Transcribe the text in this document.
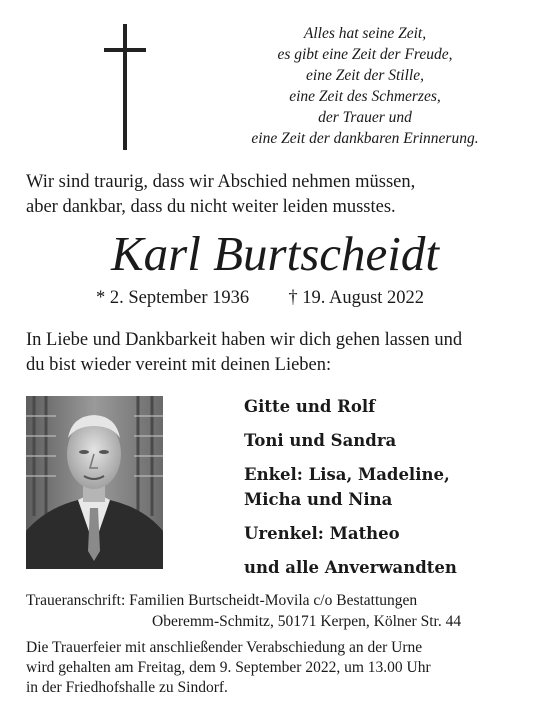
Alles hat seine Zeit,
es gibt eine Zeit der Freude,
eine Zeit der Stille,
eine Zeit des Schmerzes,
der Trauer und
eine Zeit der dankbaren Erinnerung.
Wir sind traurig, dass wir Abschied nehmen müssen,
aber dankbar, dass du nicht weiter leiden musstes.
Karl Burtscheidt
* 2. September 1936 † 19. August 2022
In Liebe und Dankbarkeit haben wir dich gehen lassen und
du bist wieder vereint mit deinen Lieben:
Gitte und Rolf
Toni und Sandra
Enkel: Lisa, Madeline,
Micha und Nina
Urenkel: Matheo
und alle Anverwandten
Traueranschrift: Familien Burtscheidt-Movila c/o Bestattungen
Oberemm-Schmitz, 50171 Kerpen, Kölner Str. 44
Die Trauerfeier mit anschließender Verabschiedung an der Urne
wird gehalten am Freitag, dem 9. September 2022, um 13.00 Uhr
in der Friedhofshalle zu Sindorf.
